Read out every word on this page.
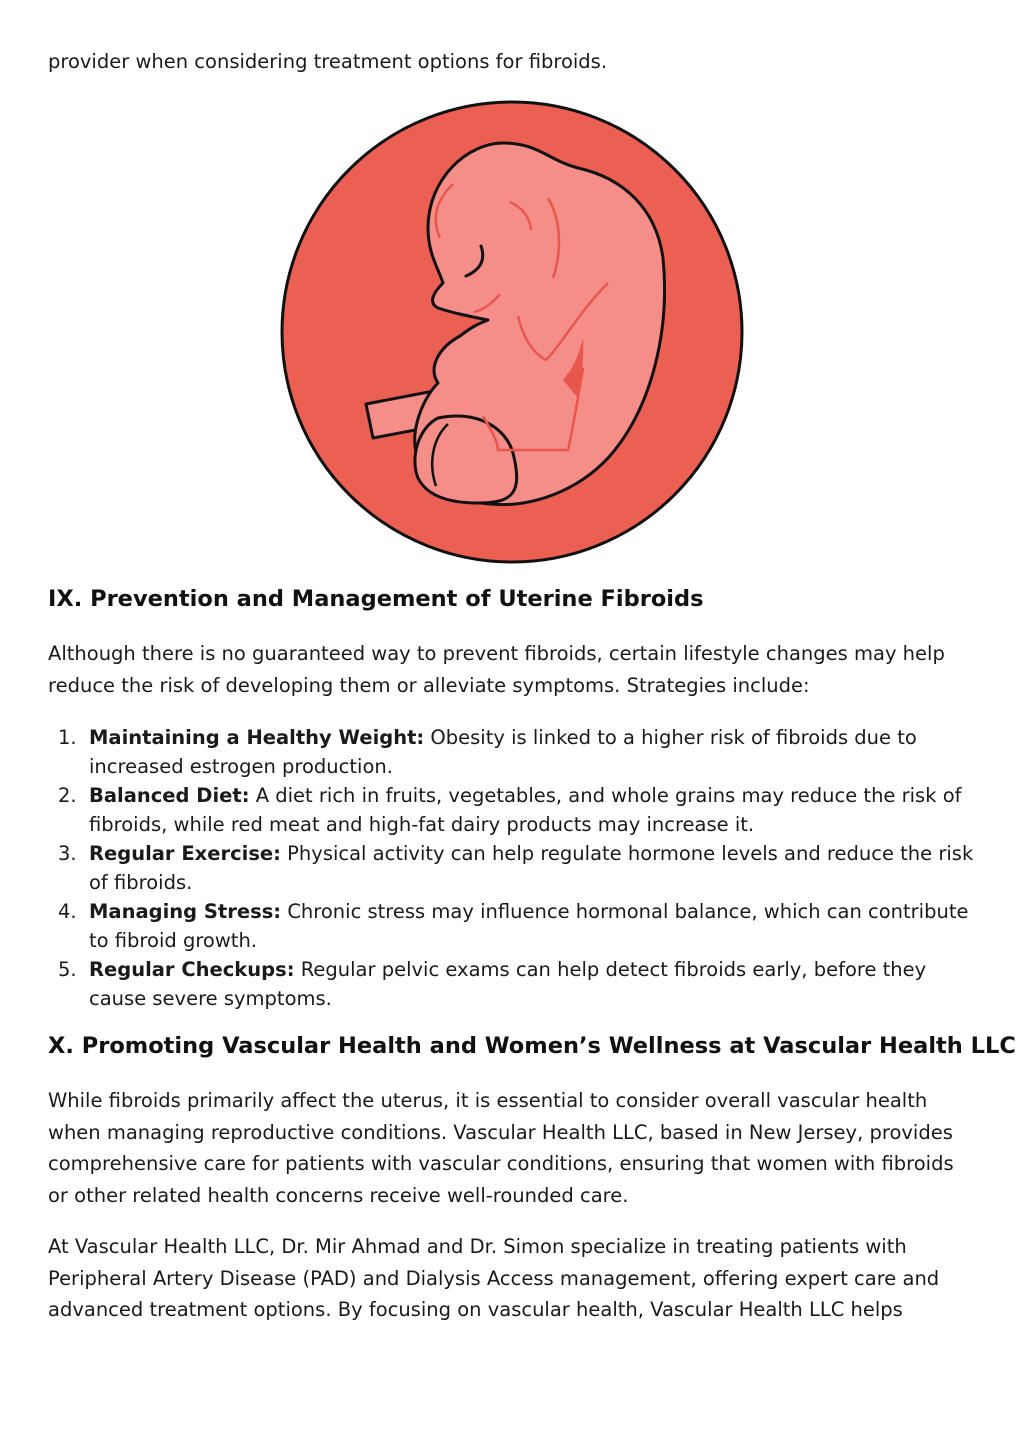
provider when considering treatment options for fibroids.

IX. Prevention and Management of Uterine Fibroids

Although there is no guaranteed way to prevent fibroids, certain lifestyle changes may help reduce the risk of developing them or alleviate symptoms. Strategies include:

1. Maintaining a Healthy Weight: Obesity is linked to a higher risk of fibroids due to increased estrogen production.
2. Balanced Diet: A diet rich in fruits, vegetables, and whole grains may reduce the risk of fibroids, while red meat and high-fat dairy products may increase it.
3. Regular Exercise: Physical activity can help regulate hormone levels and reduce the risk of fibroids.
4. Managing Stress: Chronic stress may influence hormonal balance, which can contribute to fibroid growth.
5. Regular Checkups: Regular pelvic exams can help detect fibroids early, before they cause severe symptoms.
X. Promoting Vascular Health and Women’s Wellness at Vascular Health LLC

While fibroids primarily affect the uterus, it is essential to consider overall vascular health when managing reproductive conditions. Vascular Health LLC, based in New Jersey, provides comprehensive care for patients with vascular conditions, ensuring that women with fibroids or other related health concerns receive well-rounded care.

At Vascular Health LLC, Dr. Mir Ahmad and Dr. Simon specialize in treating patients with Peripheral Artery Disease (PAD) and Dialysis Access management, offering expert care and advanced treatment options. By focusing on vascular health, Vascular Health LLC helps
